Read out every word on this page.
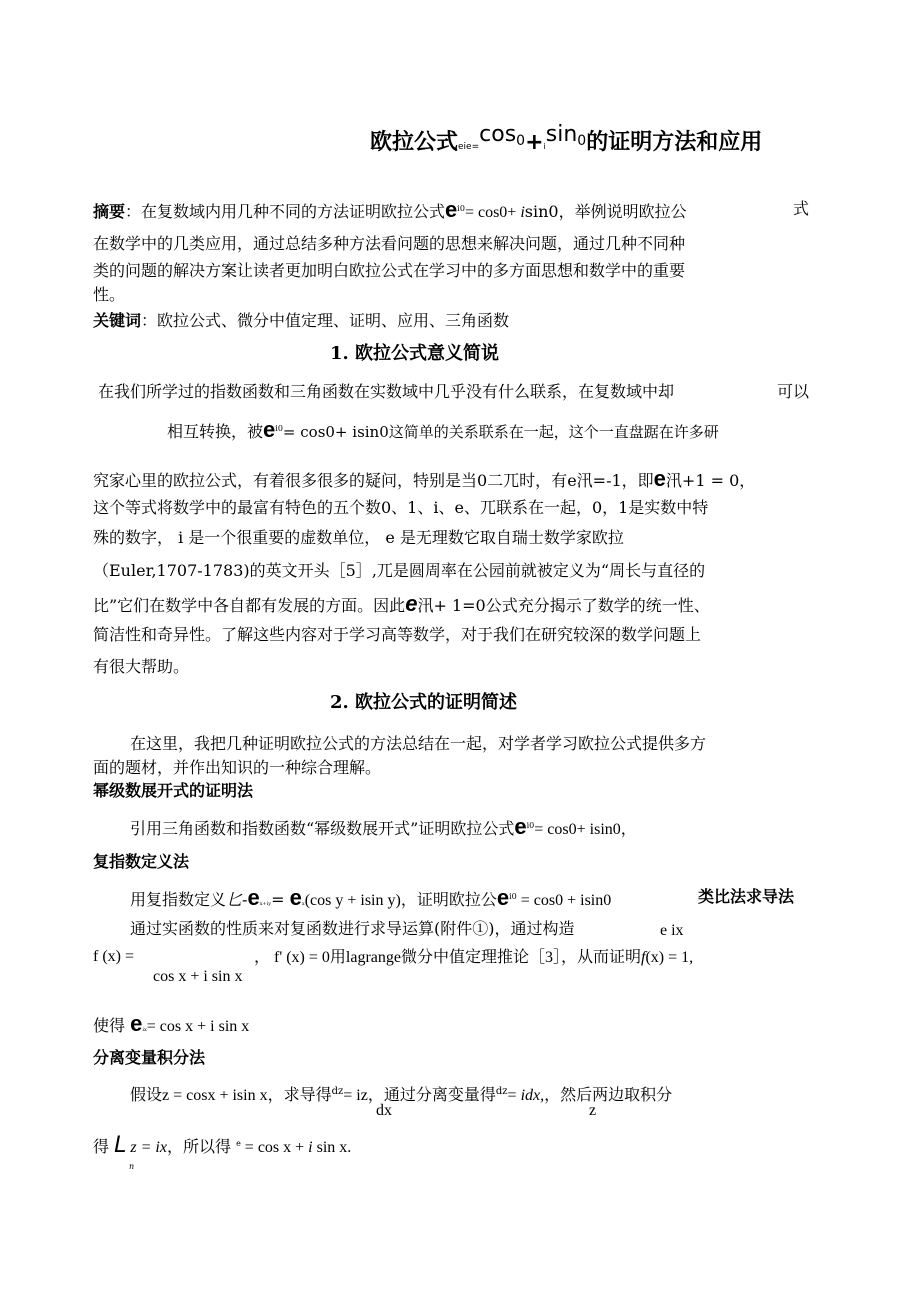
欧拉公式eie=cos0+isin0的证明方法和应用
摘要：在复数域内用几种不同的方法证明欧拉公式$e^{i0}= \cos 0+ isin0$，举例说明欧拉公	式
在数学中的几类应用，通过总结多种方法看问题的思想来解决问题，通过几种不同种
类的问题的解决方案让读者更加明白欧拉公式在学习中的多方面思想和数学中的重要
性。
关键词：欧拉公式、微分中值定理、证明、应用、三角函数
1. 欧拉公式意义简说
在我们所学过的指数函数和三角函数在实数域中几乎没有什么联系，在复数域中却	可以
相互转换，被$e^{i0}= \cos 0+ isin0$这简单的关系联系在一起，这个一直盘踞在许多研
究家心里的欧拉公式，有着很多很多的疑问，特别是当0二兀时，有e汛=-1，即e汛+1 = 0，
这个等式将数学中的最富有特色的五个数0、1、i、e、兀联系在一起，0，1是实数中特
殊的数字， i 是一个很重要的虚数单位， e 是无理数它取自瑞士数学家欧拉
（Euler,1707-1783)的英文开头［5］,兀是圆周率在公园前就被定义为“周长与直径的
比”它们在数学中各自都有发展的方面。因此e汛+ 1=0公式充分揭示了数学的统一性、
简洁性和奇异性。了解这些内容对于学习高等数学，对于我们在研究较深的数学问题上
有很大帮助。
2. 欧拉公式的证明简述
在这里，我把几种证明欧拉公式的方法总结在一起，对学者学习欧拉公式提供多方
面的题材，并作出知识的一种综合理解。
幂级数展开式的证明法
引用三角函数和指数函数“幂级数展开式”证明欧拉公式$e^{i0}= \cos 0+ isin0$，
复指数定义法
用复指数定义匕-ex+iy= ex(cos y + isin y)，证明欧拉公$e^{i0} = \cos 0 + isin0$	类比法求导法
通过实函数的性质来对复函数进行求导运算(附件①)，通过构造	e ix
f (x) =	， f' (x) = 0用lagrange微分中值定理推论［3］，从而证明f(x) = 1,
cos x + i sin x
使得 eix= cos x + i sin x
分离变量积分法
假设z = cosx + isin x，求导得$^{dz}$= iz，通过分离变量得$^{dz}$= idx,，然后两边取积分
dx	z
得 L z = ix，所以得 $^e$ = cos x + i sin x.
n
